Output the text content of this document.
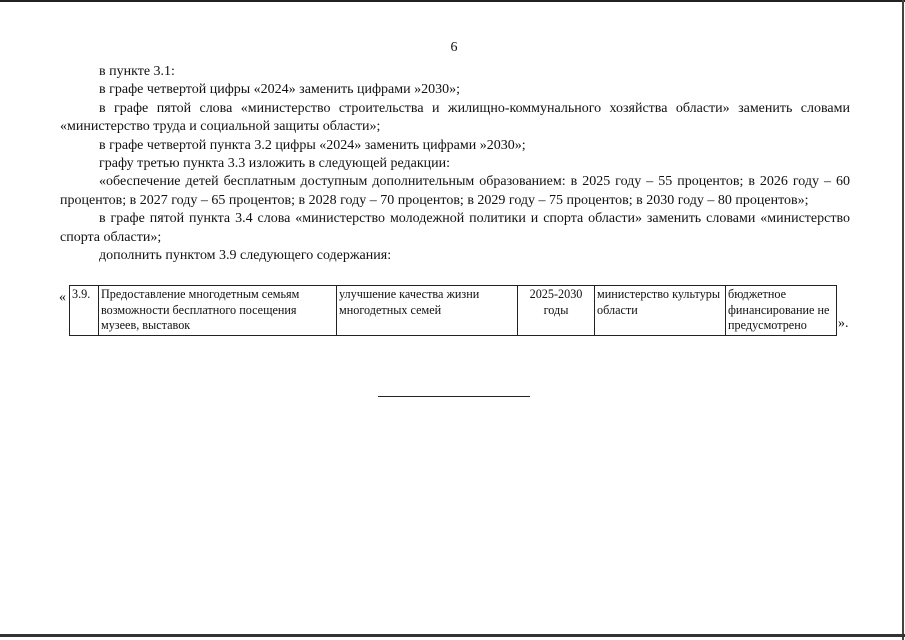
6

в пункте 3.1:

в графе четвертой цифры «2024» заменить цифрами »2030»;

в графе пятой слова «министерство строительства и жилищно-коммунального хозяйства области» заменить словами «министерство труда и социальной защиты области»;

в графе четвертой пункта 3.2 цифры «2024» заменить цифрами »2030»;

графу третью пункта 3.3 изложить в следующей редакции:

«обеспечение детей бесплатным доступным дополнительным образованием: в 2025 году – 55 процентов; в 2026 году – 60 процентов; в 2027 году – 65 процентов; в 2028 году – 70 процентов; в 2029 году – 75 процентов; в 2030 году – 80 процентов»;

в графе пятой пункта 3.4 слова «министерство молодежной политики и спорта области» заменить словами «министерство спорта области»;

дополнить пунктом 3.9 следующего содержания:

« 3.9.	Предоставление многодетным семьям возможности бесплатного посещения музеев, выставок	улучшение качества жизни многодетных семей	2025-2030 годы	министерство культуры области	бюджетное финансирование не предусмотрено ».
